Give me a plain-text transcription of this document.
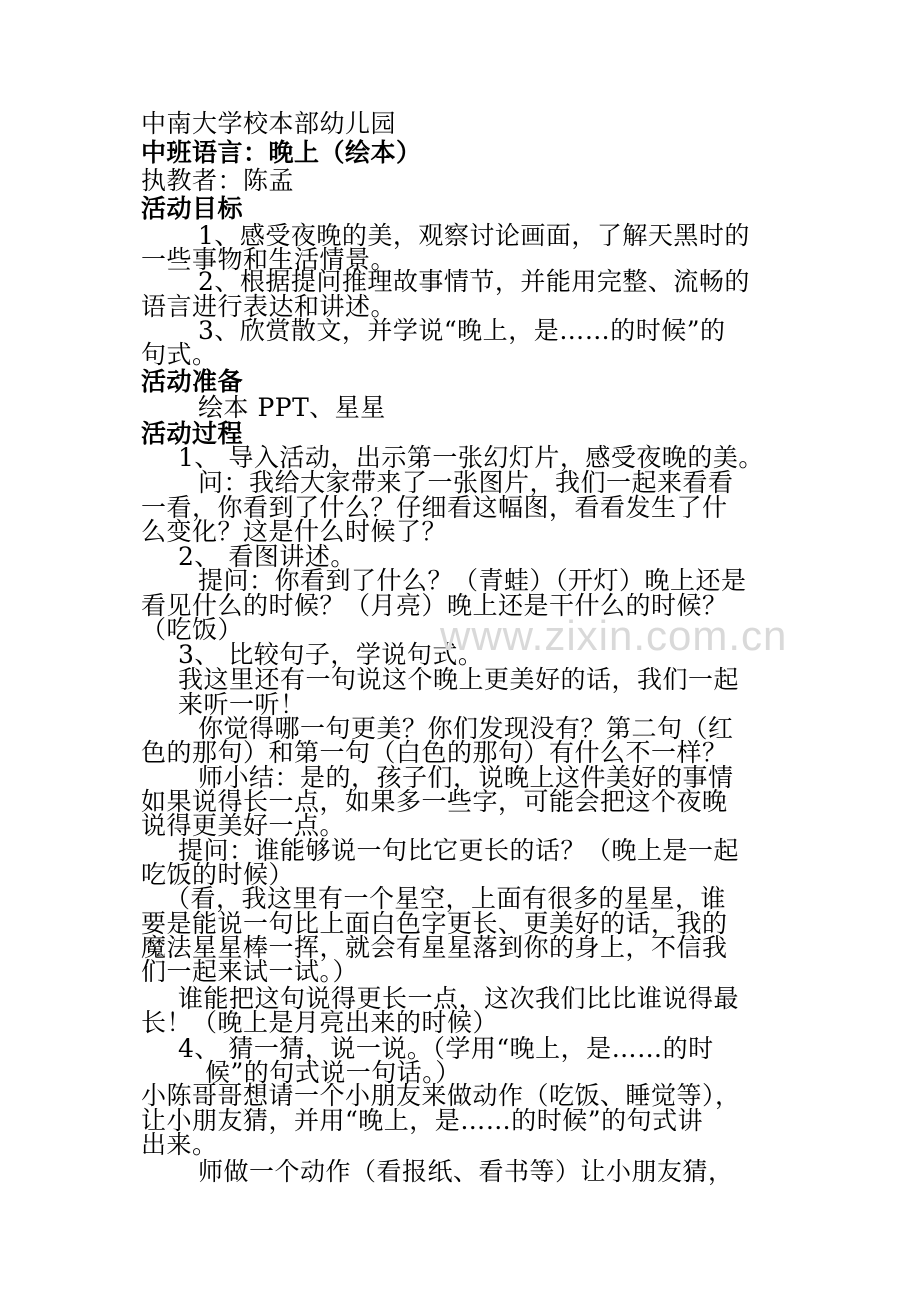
中南大学校本部幼儿园
中班语言：晚上（绘本）
执教者：陈孟
活动目标
1、感受夜晚的美，观察讨论画面，了解天黑时的
一些事物和生活情景。
2、根据提问推理故事情节，并能用完整、流畅的
语言进行表达和讲述。
3、欣赏散文，并学说“晚上，是……的时候”的
句式。
活动准备
绘本 PPT、星星
活动过程
1、 导入活动，出示第一张幻灯片，感受夜晚的美。
问：我给大家带来了一张图片，我们一起来看看
一看，你看到了什么？仔细看这幅图，看看发生了什
么变化？这是什么时候了？
2、 看图讲述。
提问：你看到了什么？（青蛙）（开灯）晚上还是
看见什么的时候？（月亮）晚上还是干什么的时候？
（吃饭）
3、 比较句子，学说句式。
我这里还有一句说这个晚上更美好的话，我们一起
来听一听！
你觉得哪一句更美？你们发现没有？第二句（红
色的那句）和第一句（白色的那句）有什么不一样？
师小结：是的，孩子们，说晚上这件美好的事情
如果说得长一点，如果多一些字，可能会把这个夜晚
说得更美好一点。
提问：谁能够说一句比它更长的话？（晚上是一起
吃饭的时候）
（看，我这里有一个星空，上面有很多的星星，谁
要是能说一句比上面白色字更长、更美好的话，我的
魔法星星棒一挥，就会有星星落到你的身上，不信我
们一起来试一试。）
谁能把这句说得更长一点，这次我们比比谁说得最
长！（晚上是月亮出来的时候）
4、 猜一猜，说一说。（学用“晚上，是……的时
候”的句式说一句话。）
小陈哥哥想请一个小朋友来做动作（吃饭、睡觉等），
让小朋友猜，并用“晚上，是……的时候”的句式讲
出来。
师做一个动作（看报纸、看书等）让小朋友猜，
www.zixin.com.cn
